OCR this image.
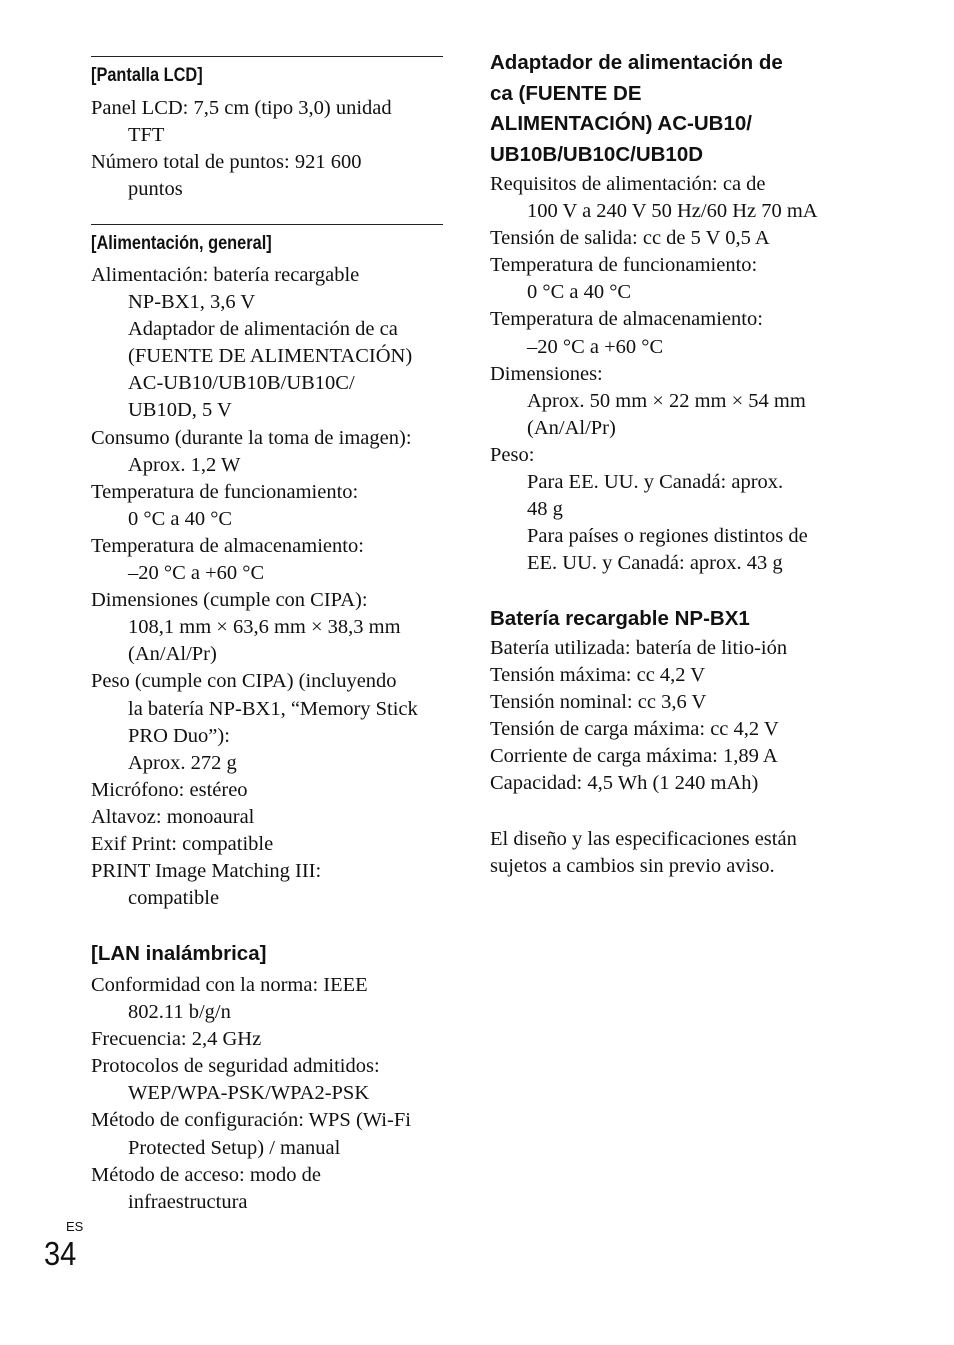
[Pantalla LCD]
Panel LCD: 7,5 cm (tipo 3,0) unidad
TFT
Número total de puntos: 921 600
puntos
[Alimentación, general]
Alimentación: batería recargable
NP-BX1, 3,6 V
Adaptador de alimentación de ca
(FUENTE DE ALIMENTACIÓN)
AC-UB10/UB10B/UB10C/
UB10D, 5 V
Consumo (durante la toma de imagen):
Aprox. 1,2 W
Temperatura de funcionamiento:
0 °C a 40 °C
Temperatura de almacenamiento:
–20 °C a +60 °C
Dimensiones (cumple con CIPA):
108,1 mm × 63,6 mm × 38,3 mm
(An/Al/Pr)
Peso (cumple con CIPA) (incluyendo
la batería NP-BX1, “Memory Stick
PRO Duo”):
Aprox. 272 g
Micrófono: estéreo
Altavoz: monoaural
Exif Print: compatible
PRINT Image Matching III:
compatible
[LAN inalámbrica]
Conformidad con la norma: IEEE
802.11 b/g/n
Frecuencia: 2,4 GHz
Protocolos de seguridad admitidos:
WEP/WPA-PSK/WPA2-PSK
Método de configuración: WPS (Wi-Fi
Protected Setup) / manual
Método de acceso: modo de
infraestructura
Adaptador de alimentación de
ca (FUENTE DE
ALIMENTACIÓN) AC-UB10/
UB10B/UB10C/UB10D
Requisitos de alimentación: ca de
100 V a 240 V 50 Hz/60 Hz 70 mA
Tensión de salida: cc de 5 V 0,5 A
Temperatura de funcionamiento:
0 °C a 40 °C
Temperatura de almacenamiento:
–20 °C a +60 °C
Dimensiones:
Aprox. 50 mm × 22 mm × 54 mm
(An/Al/Pr)
Peso:
Para EE. UU. y Canadá: aprox.
48 g
Para países o regiones distintos de
EE. UU. y Canadá: aprox. 43 g
Batería recargable NP-BX1
Batería utilizada: batería de litio-ión
Tensión máxima: cc 4,2 V
Tensión nominal: cc 3,6 V
Tensión de carga máxima: cc 4,2 V
Corriente de carga máxima: 1,89 A
Capacidad: 4,5 Wh (1 240 mAh)
El diseño y las especificaciones están
sujetos a cambios sin previo aviso.
ES
34
